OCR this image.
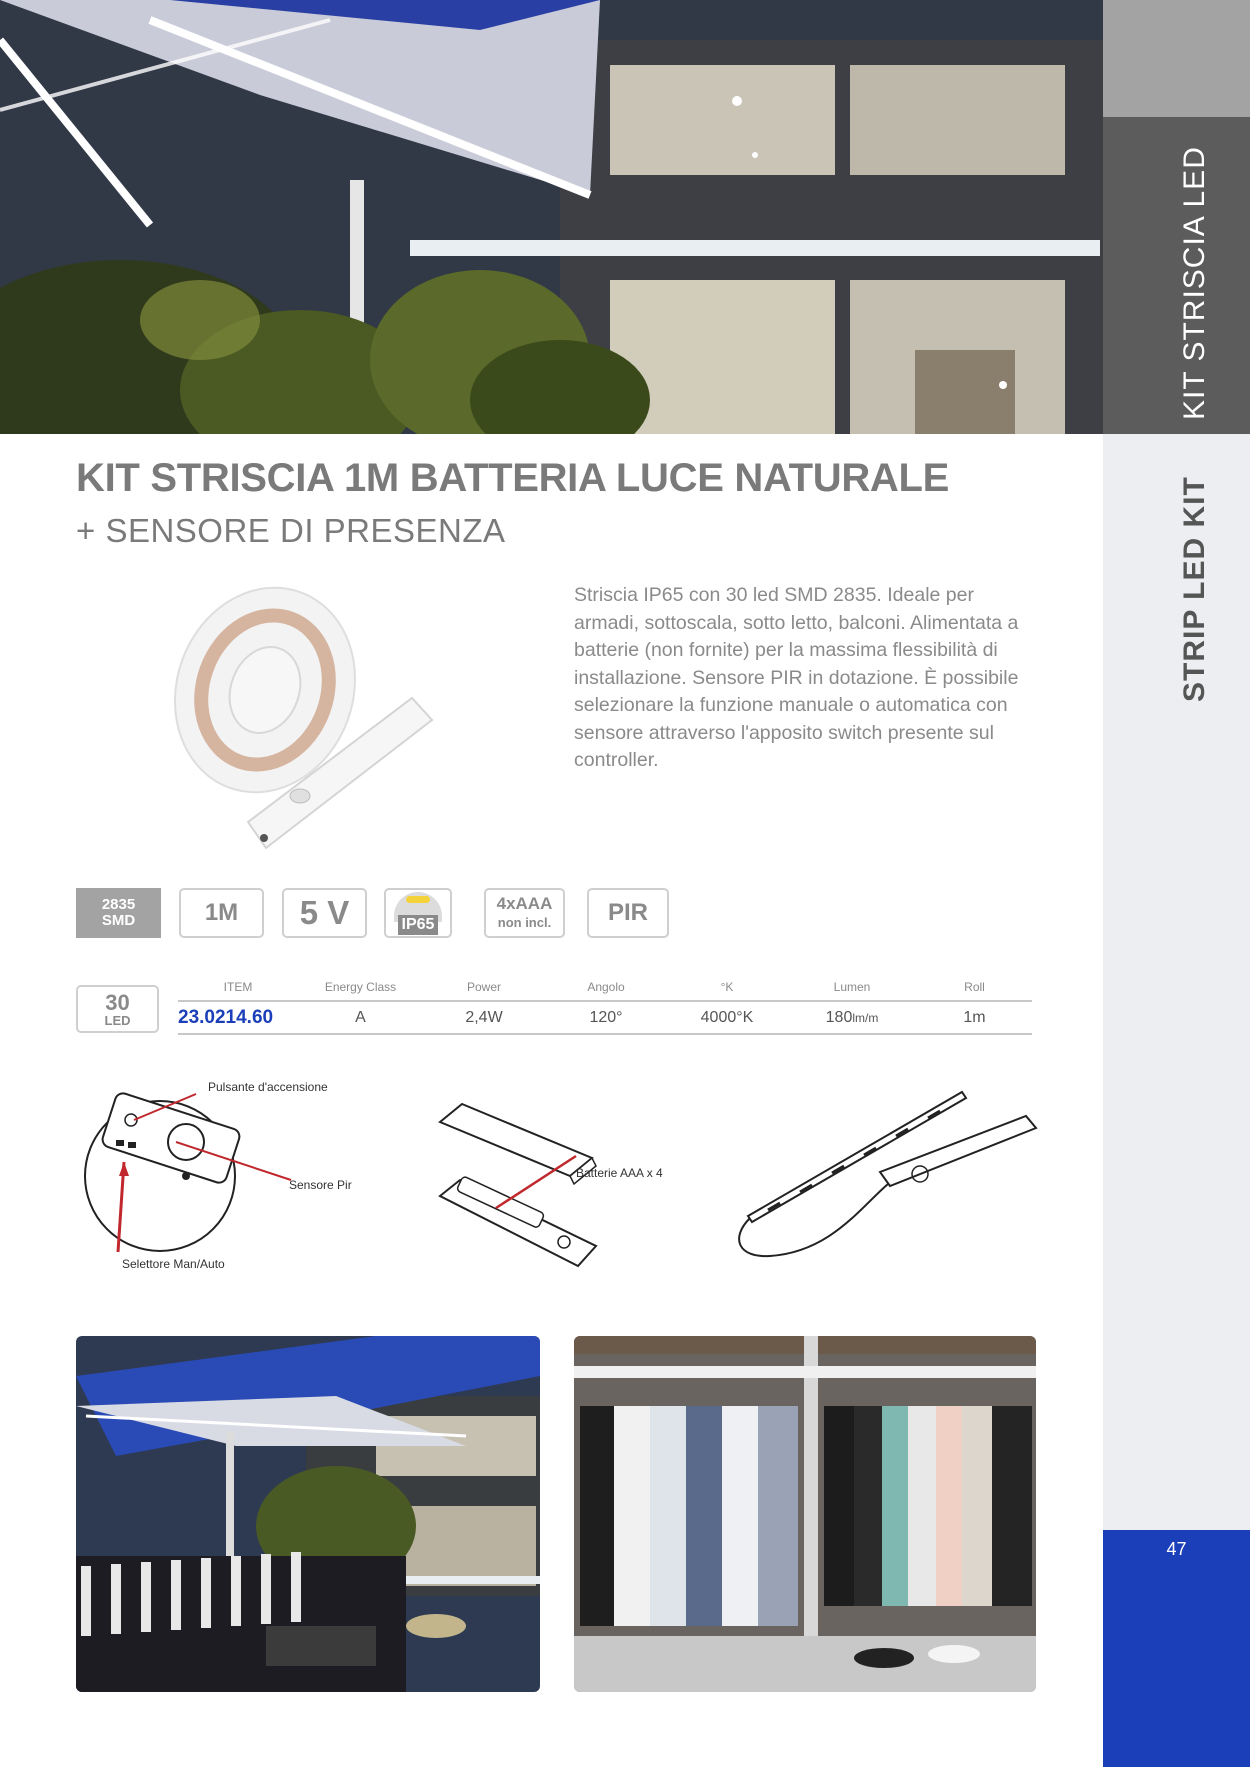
KIT STRISCIA LED
STRIP LED KIT
47
KIT STRISCIA 1M BATTERIA LUCE NATURALE
+ SENSORE DI PRESENZA
Striscia IP65 con 30 led SMD 2835. Ideale per armadi, sottoscala, sotto letto, balconi. Alimentata a batterie (non fornite) per la massima flessibilità di installazione. Sensore PIR in dotazione. È possibile selezionare la funzione manuale o automatica con sensore attraverso l'apposito switch presente sul controller.
2835
SMD	1M 5 V	IP65
4xAAA
non incl. PIR
30
LED
ITEM	Energy Class	Power	Angolo	°K	Lumen	Roll
23.0214.60	A	2,4W	120°	4000°K	180lm/m	1m
Pulsante d'accensione
Sensore Pir
Selettore Man/Auto
Batterie AAA x 4
